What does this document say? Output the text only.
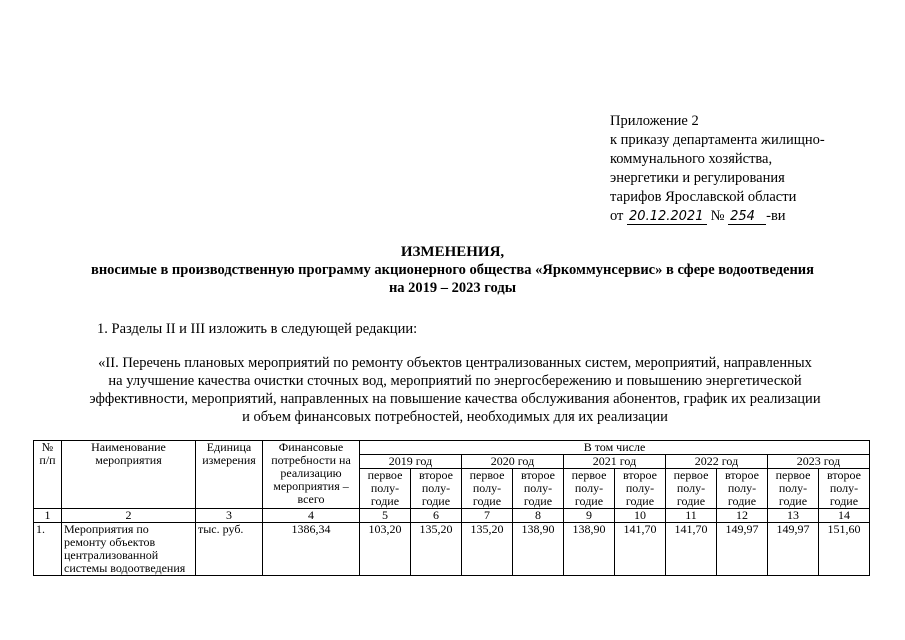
Приложение 2
к приказу департамента жилищно-
коммунального хозяйства,
энергетики и регулирования
тарифов Ярославской области
от 20.12.2021 № 254 -ви
ИЗМЕНЕНИЯ,
вносимые в производственную программу акционерного общества «Яркоммунсервис» в сфере водоотведения
на 2019 – 2023 годы
1. Разделы II и III изложить в следующей редакции:
«II. Перечень плановых мероприятий по ремонту объектов централизованных систем, мероприятий, направленных
на улучшение качества очистки сточных вод, мероприятий по энергосбережению и повышению энергетической
эффективности, мероприятий, направленных на повышение качества обслуживания абонентов, график их реализации
и объем финансовых потребностей, необходимых для их реализации
№ п/п	Наименование мероприятия	Единица измерения	Финансовые потребности на реализацию мероприятия – всего	В том числе									
				2019 год		2020 год		2021 год		2022 год		2023 год	
				первое полу-годие	второе полу-годие	первое полу-годие	второе полу-годие	первое полу-годие	второе полу-годие	первое полу-годие	второе полу-годие	первое полу-годие	второе полу-годие
1	2	3	4	5	6	7	8	9	10	11	12	13	14
1.	Мероприятия по ремонту объектов централизованной системы водоотведения	тыс. руб.	1386,34	103,20	135,20	135,20	138,90	138,90	141,70	141,70	149,97	149,97	151,60
